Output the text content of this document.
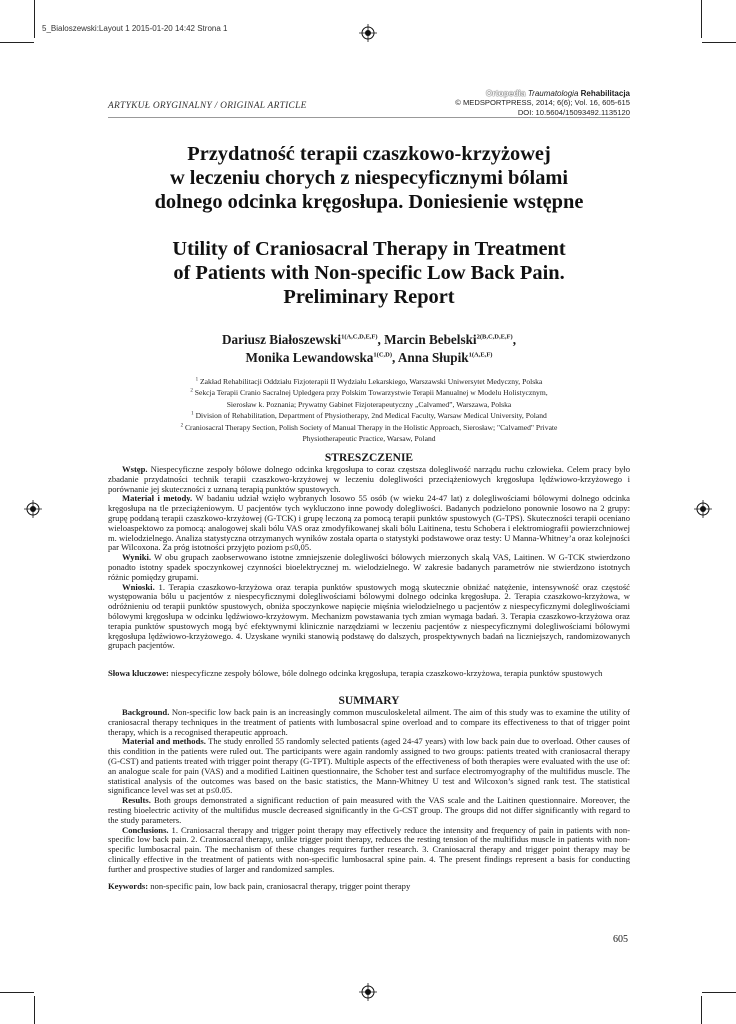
5_Bialoszewski:Layout 1 2015-01-20 14:42 Strona 1
Ortopedia Traumatologia Rehabilitacja
© MEDSPORTPRESS, 2014; 6(6); Vol. 16, 605-615
DOI: 10.5604/15093492.1135120
ARTYKUŁ ORYGINALNY / ORIGINAL ARTICLE
Przydatność terapii czaszkowo-krzyżowej
w leczeniu chorych z niespecyficznymi bólami
dolnego odcinka kręgosłupa. Doniesienie wstępne
Utility of Craniosacral Therapy in Treatment
of Patients with Non-specific Low Back Pain.
Preliminary Report
Dariusz Białoszewski$^{1(A,C,D,E,F)}$, Marcin Bebelski$^{2(B,C,D,E,F)}$,
Monika Lewandowska$^{1(C,D)}$, Anna Słupik$^{1(A,E,F)}$
$^1$ Zakład Rehabilitacji Oddziału Fizjoterapii II Wydziału Lekarskiego, Warszawski Uniwersytet Medyczny, Polska
$^2$ Sekcja Terapii Cranio Sacralnej Upledgera przy Polskim Towarzystwie Terapii Manualnej w Modelu Holistycznym,
Sierosław k. Poznania; Prywatny Gabinet Fizjoterapeutyczny „Calvamed”, Warszawa, Polska
$^1$ Division of Rehabilitation, Department of Physiotherapy, 2nd Medical Faculty, Warsaw Medical University, Poland
$^2$ Craniosacral Therapy Section, Polish Society of Manual Therapy in the Holistic Approach, Sierosław; "Calvamed" Private
Physiotherapeutic Practice, Warsaw, Poland
STRESZCZENIE

Wstęp. Niespecyficzne zespoły bólowe dolnego odcinka kręgosłupa to coraz częstsza dolegliwość narządu ruchu człowieka. Celem pracy było zbadanie przydatności technik terapii czaszkowo-krzyżowej w leczeniu dolegliwości przeciążeniowych kręgosłupa lędźwiowo-krzyżowego i porównanie jej skuteczności z uznaną terapią punktów spustowych.

Materiał i metody. W badaniu udział wzięło wybranych losowo 55 osób (w wieku 24-47 lat) z dolegliwościami bólowymi dolnego odcinka kręgosłupa na tle przeciążeniowym. U pacjentów tych wykluczono inne powody dolegliwości. Badanych podzielono ponownie losowo na 2 grupy: grupę poddaną terapii czaszkowo-krzyżowej (G-TCK) i grupę leczoną za pomocą terapii punktów spustowych (G-TPS). Skuteczności terapii oceniano wieloaspektowo za pomocą: analogowej skali bólu VAS oraz zmodyfikowanej skali bólu Laitinena, testu Schobera i elektromiografii powierzchniowej m. wielodzielnego. Analiza statystyczna otrzymanych wyników została oparta o statystyki podstawowe oraz testy: U Manna-Whitney’a oraz kolejności par Wilcoxona. Za próg istotności przyjęto poziom p≤0,05.

Wyniki. W obu grupach zaobserwowano istotne zmniejszenie dolegliwości bólowych mierzonych skalą VAS, Laitinen. W G-TCK stwierdzono ponadto istotny spadek spoczynkowej czynności bioelektrycznej m. wielodzielnego. W zakresie badanych parametrów nie stwierdzono istotnych różnic pomiędzy grupami.

Wnioski. 1. Terapia czaszkowo-krzyżowa oraz terapia punktów spustowych mogą skutecznie obniżać natężenie, intensywność oraz częstość występowania bólu u pacjentów z niespecyficznymi dolegliwościami bólowymi dolnego odcinka kręgosłupa. 2. Terapia czaszkowo-krzyżowa, w odróżnieniu od terapii punktów spustowych, obniża spoczynkowe napięcie mięśnia wielodzielnego u pacjentów z niespecyficznymi dolegliwościami bólowymi kręgosłupa w odcinku lędźwiowo-krzyżowym. Mechanizm powstawania tych zmian wymaga badań. 3. Terapia czaszkowo-krzyżowa oraz terapia punktów spustowych mogą być efektywnymi klinicznie narzędziami w leczeniu pacjentów z niespecyficznymi dolegliwościami bólowymi kręgosłupa lędźwiowo-krzyżowego. 4. Uzyskane wyniki stanowią podstawę do dalszych, prospektywnych badań na liczniejszych, randomizowanych grupach pacjentów.

Słowa kluczowe: niespecyficzne zespoły bólowe, bóle dolnego odcinka kręgosłupa, terapia czaszkowo-krzyżowa, terapia punktów spustowych
SUMMARY

Background. Non-specific low back pain is an increasingly common musculoskeletal ailment. The aim of this study was to examine the utility of craniosacral therapy techniques in the treatment of patients with lumbosacral spine overload and to compare its effectiveness to that of trigger point therapy, which is a recognised therapeutic approach.

Material and methods. The study enrolled 55 randomly selected patients (aged 24-47 years) with low back pain due to overload. Other causes of this condition in the patients were ruled out. The participants were again randomly assigned to two groups: patients treated with craniosacral therapy (G-CST) and patients treated with trigger point therapy (G-TPT). Multiple aspects of the effectiveness of both therapies were evaluated with the use of: an analogue scale for pain (VAS) and a modified Laitinen questionnaire, the Schober test and surface electromyography of the multifidus muscle. The statistical analysis of the outcomes was based on the basic statistics, the Mann-Whitney U test and Wilcoxon’s signed rank test. The statistical significance level was set at p≤0.05.

Results. Both groups demonstrated a significant reduction of pain measured with the VAS scale and the Laitinen questionnaire. Moreover, the resting bioelectric activity of the multifidus muscle decreased significantly in the G-CST group. The groups did not differ significantly with regard to the study parameters.

Conclusions. 1. Craniosacral therapy and trigger point therapy may effectively reduce the intensity and frequency of pain in patients with non-specific low back pain. 2. Craniosacral therapy, unlike trigger point therapy, reduces the resting tension of the multifidus muscle in patients with non-specific lumbosacral pain. The mechanism of these changes requires further research. 3. Craniosacral therapy and trigger point therapy may be clinically effective in the treatment of patients with non-specific lumbosacral spine pain. 4. The present findings represent a basis for conducting further and prospective studies of larger and randomized samples.

Keywords: non-specific pain, low back pain, craniosacral therapy, trigger point therapy
605
